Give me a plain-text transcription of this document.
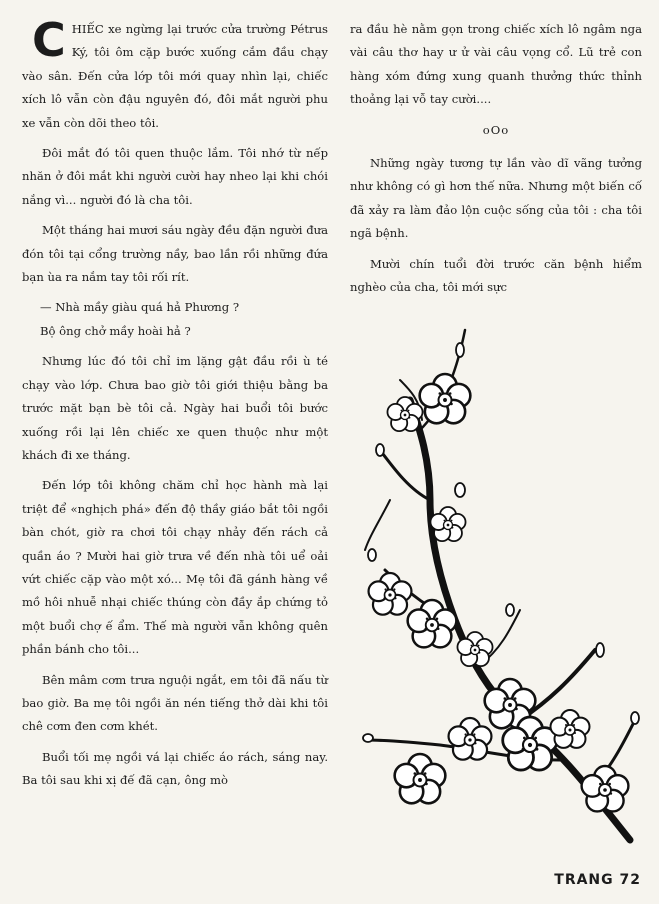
CHIẾC xe ngừng lại trước cửa trường Pétrus Ký, tôi ôm cặp bước xuống cắm đầu chạy vào sân. Đến cửa lớp tôi mới quay nhìn lại, chiếc xích lô vẫn còn đậu nguyên đó, đôi mắt người phu xe vẫn còn dõi theo tôi.

Đôi mắt đó tôi quen thuộc lắm. Tôi nhớ từ nếp nhăn ở đôi mắt khi người cười hay nheo lại khi chói nắng vì... người đó là cha tôi.

Một tháng hai mươi sáu ngày đều đặn người đưa đón tôi tại cổng trường nầy, bao lần rồi những đứa bạn ùa ra nắm tay tôi rối rít.

— Nhà mầy giàu quá hả Phương ?

Bộ ông chở mầy hoài hả ?

Nhưng lúc đó tôi chỉ im lặng gật đầu rồi ù té chạy vào lớp. Chưa bao giờ tôi giới thiệu bằng ba trước mặt bạn bè tôi cả. Ngày hai buổi tôi bước xuống rồi lại lên chiếc xe quen thuộc như một khách đi xe tháng.

Đến lớp tôi không chăm chỉ học hành mà lại triệt để «nghịch phá» đến độ thầy giáo bắt tôi ngồi bàn chót, giờ ra chơi tôi chạy nhảy đến rách cả quần áo ? Mười hai giờ trưa về đến nhà tôi uể oải vứt chiếc cặp vào một xó... Mẹ tôi đã gánh hàng về mồ hôi nhuễ nhại chiếc thúng còn đầy ắp chứng tỏ một buổi chợ ế ẩm. Thế mà người vẫn không quên phần bánh cho tôi...

Bên mâm cơm trưa nguội ngắt, em tôi đã nấu từ bao giờ. Ba mẹ tôi ngồi ăn nén tiếng thở dài khi tôi chê cơm đen cơm khét.

Buổi tối mẹ ngồi vá lại chiếc áo rách, sáng nay. Ba tôi sau khi xị đế đã cạn, ông mò

ra đầu hè nằm gọn trong chiếc xích lô ngâm nga vài câu thơ hay ư ử vài câu vọng cổ. Lũ trẻ con hàng xóm đứng xung quanh thưởng thức thỉnh thoảng lại vỗ tay cười....

oOo

Những ngày tương tự lần vào dĩ vãng tưởng như không có gì hơn thế nữa. Nhưng một biến cố đã xảy ra làm đảo lộn cuộc sống của tôi : cha tôi ngã bệnh.

Mười chín tuổi đời trước căn bệnh hiểm nghèo của cha, tôi mới sực

TRANG 72
